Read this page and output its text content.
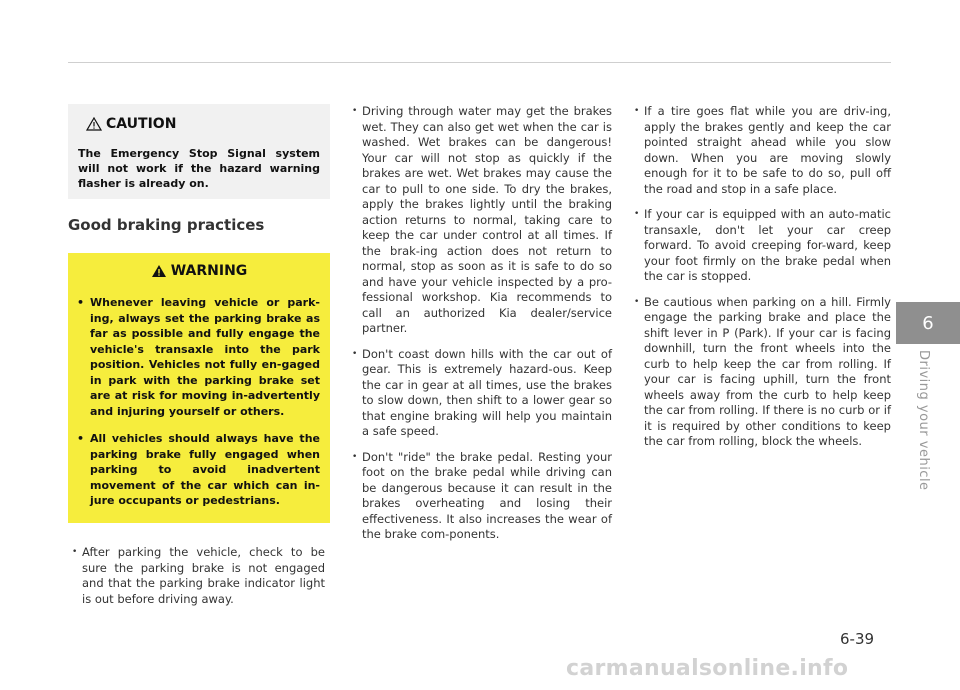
CAUTION
The Emergency Stop Signal system will not work if the hazard warning flasher is already on.
Good braking practices
WARNING
• Whenever leaving vehicle or park-ing, always set the parking brake as far as possible and fully engage the vehicle's transaxle into the park position. Vehicles not fully en-gaged in park with the parking brake set are at risk for moving in-advertently and injuring yourself or others.
• All vehicles should always have the parking brake fully engaged when parking to avoid inadvertent movement of the car which can in-jure occupants or pedestrians.
• After parking the vehicle, check to be sure the parking brake is not engaged and that the parking brake indicator light is out before driving away.
• Driving through water may get the brakes wet. They can also get wet when the car is washed. Wet brakes can be dangerous! Your car will not stop as quickly if the brakes are wet. Wet brakes may cause the car to pull to one side. To dry the brakes, apply the brakes lightly until the braking action returns to normal, taking care to keep the car under control at all times. If the brak-ing action does not return to normal, stop as soon as it is safe to do so and have your vehicle inspected by a pro-fessional workshop. Kia recommends to call an authorized Kia dealer/service partner.
• Don't coast down hills with the car out of gear. This is extremely hazard-ous. Keep the car in gear at all times, use the brakes to slow down, then shift to a lower gear so that engine braking will help you maintain a safe speed.
• Don't "ride" the brake pedal. Resting your foot on the brake pedal while driving can be dangerous because it can result in the brakes overheating and losing their effectiveness. It also increases the wear of the brake com-ponents.
• If a tire goes flat while you are driv-ing, apply the brakes gently and keep the car pointed straight ahead while you slow down. When you are moving slowly enough for it to be safe to do so, pull off the road and stop in a safe place.
• If your car is equipped with an auto-matic transaxle, don't let your car creep forward. To avoid creeping for-ward, keep your foot firmly on the brake pedal when the car is stopped.
• Be cautious when parking on a hill. Firmly engage the parking brake and place the shift lever in P (Park). If your car is facing downhill, turn the front wheels into the curb to help keep the car from rolling. If your car is facing uphill, turn the front wheels away from the curb to help keep the car from rolling. If there is no curb or if it is required by other conditions to keep the car from rolling, block the wheels.
6
Driving your vehicle
6-39
carmanualsonline.info
